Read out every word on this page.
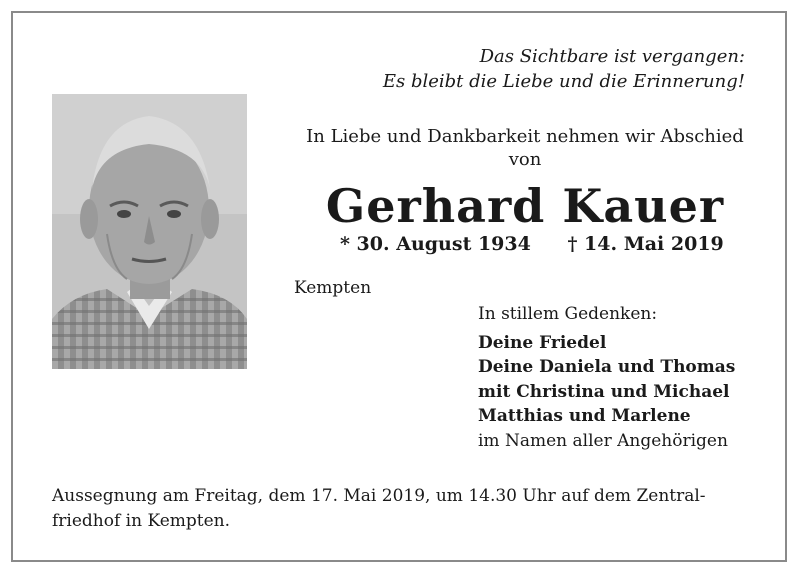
Das Sichtbare ist vergangen:
Es bleibt die Liebe und die Erinnerung!
In Liebe und Dankbarkeit nehmen wir Abschied
von
Gerhard Kauer
* 30. August 1934 † 14. Mai 2019
Kempten
In stillem Gedenken:
Deine Friedel
Deine Daniela und Thomas
mit Christina und Michael
Matthias und Marlene
im Namen aller Angehörigen
Aussegnung am Freitag, dem 17. Mai 2019, um 14.30 Uhr auf dem Zentral-
friedhof in Kempten.
